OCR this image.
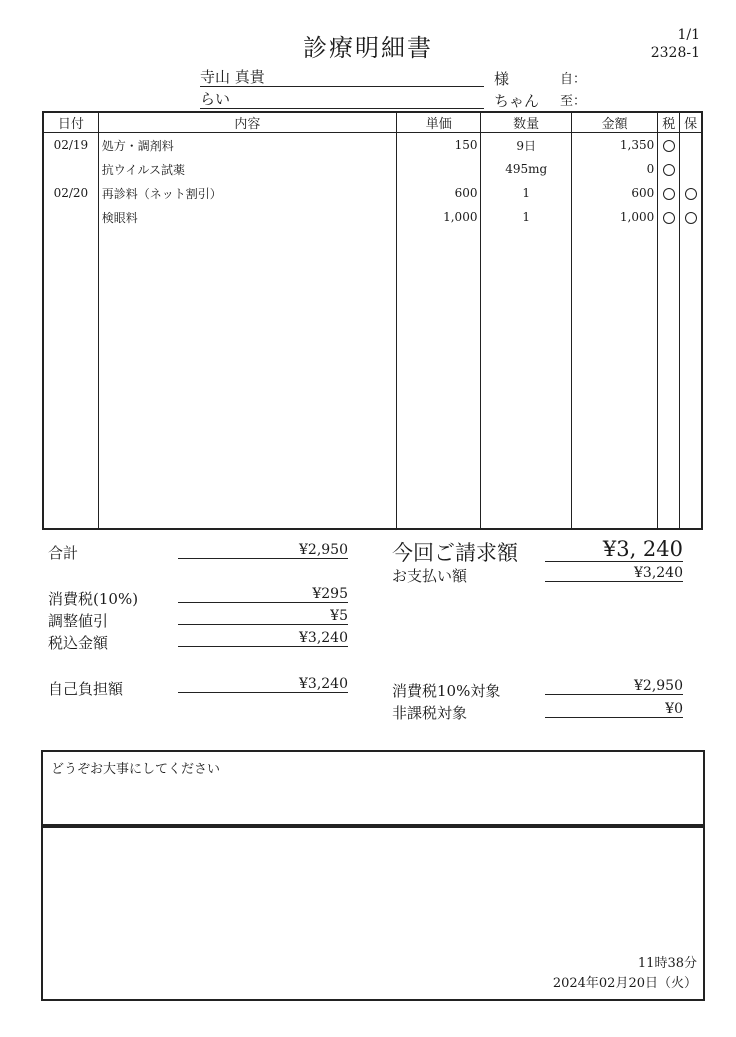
診療明細書	1/1
2328-1
寺山 真貴	様	自：
らい	ちゃん 至：
日付	内容	単価	数量	金額	税	保
02/19	処方・調剤料	150	9日	1,350		
	抗ウイルス試薬		495mg	0		
02/20	再診料（ネット割引）	600	1	600		
	検眼料	1,000	1	1,000		

合計	¥2,950
消費税(10%)	¥295
調整値引	¥5
税込金額	¥3,240
自己負担額	¥3,240
今回ご請求額	¥3, 240
お支払い額	¥3,240
消費税10%対象	¥2,950
非課税対象	¥0
どうぞお大事にしてください
11時38分
2024年02月20日（火）
